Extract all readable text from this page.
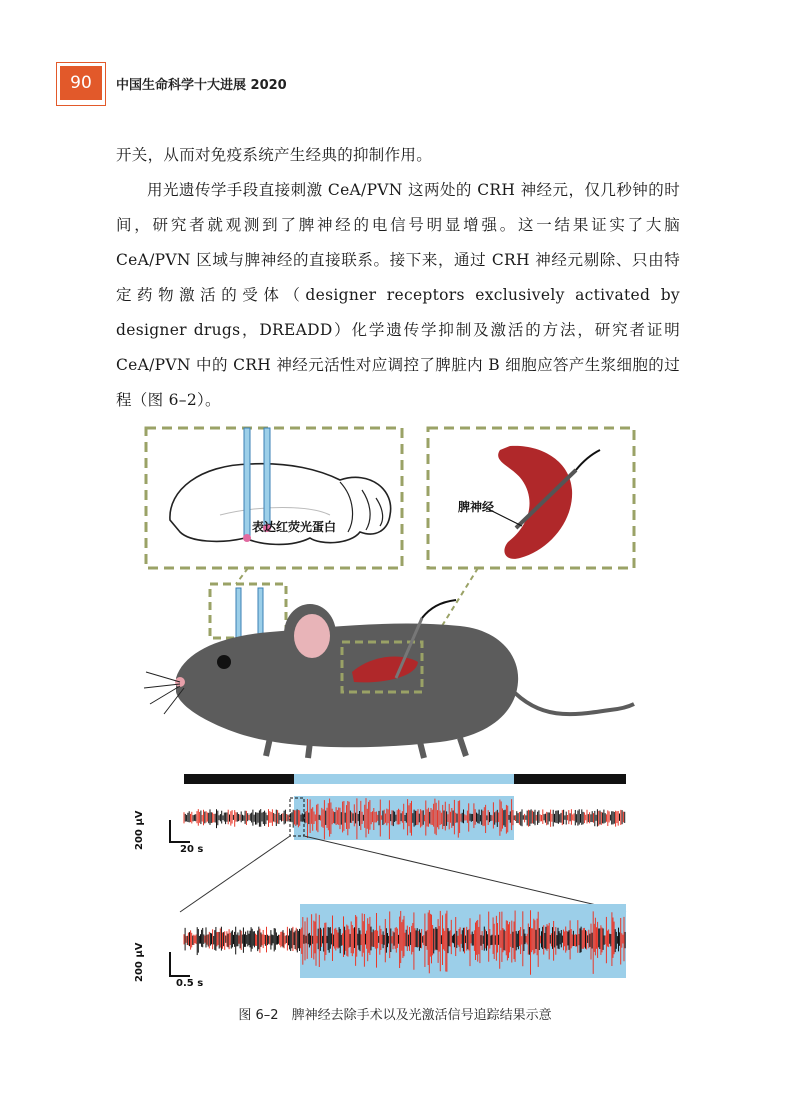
90	中国生命科学十大进展 2020

开关，从而对免疫系统产生经典的抑制作用。

用光遗传学手段直接刺激 CeA/PVN 这两处的 CRH 神经元，仅几秒钟的时间，研究者就观测到了脾神经的电信号明显增强。这一结果证实了大脑 CeA/PVN 区域与脾神经的直接联系。接下来，通过 CRH 神经元剔除、只由特定药物激活的受体（designer receptors exclusively activated by designer drugs，DREADD）化学遗传学抑制及激活的方法，研究者证明 CeA/PVN 中的 CRH 神经元活性对应调控了脾脏内 B 细胞应答产生浆细胞的过程（图 6–2）。

表达红荧光蛋白
脾神经
200 μV	20 s
200 μV
0.5 s
图 6–2　脾神经去除手术以及光激活信号追踪结果示意
